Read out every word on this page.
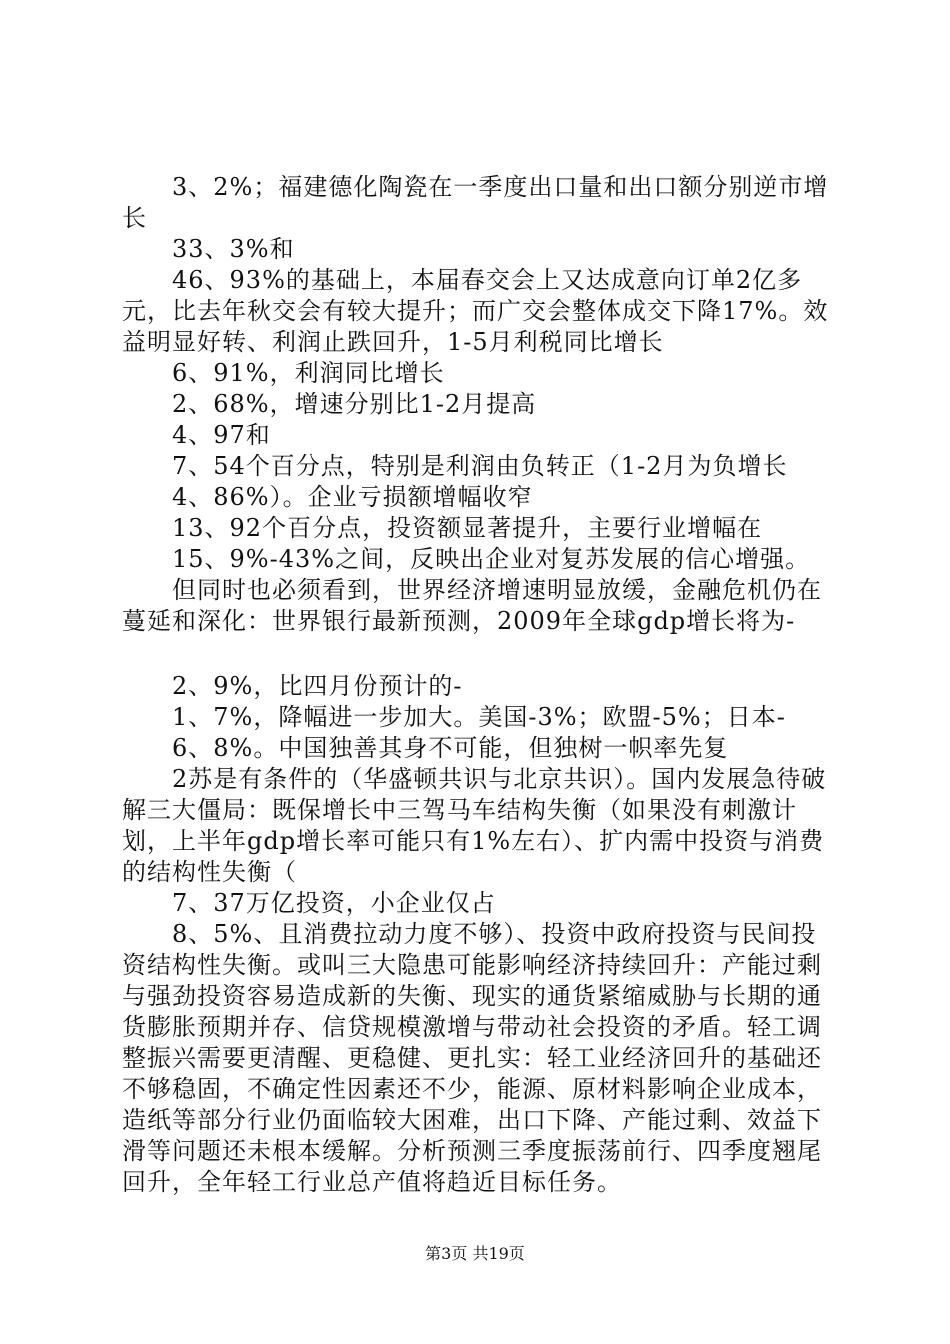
3、2%；福建德化陶瓷在一季度出口量和出口额分别逆市增长

33、3%和

46、93%的基础上，本届春交会上又达成意向订单2亿多元，比去年秋交会有较大提升；而广交会整体成交下降17%。效益明显好转、利润止跌回升，1-5月利税同比增长

6、91%，利润同比增长

2、68%，增速分别比1-2月提高

4、97和

7、54个百分点，特别是利润由负转正（1-2月为负增长

4、86%）。企业亏损额增幅收窄

13、92个百分点，投资额显著提升，主要行业增幅在

15、9%-43%之间，反映出企业对复苏发展的信心增强。

但同时也必须看到，世界经济增速明显放缓，金融危机仍在蔓延和深化：世界银行最新预测，2009年全球gdp增长将为-

2、9%，比四月份预计的-

1、7%，降幅进一步加大。美国-3%；欧盟-5%；日本-

6、8%。中国独善其身不可能，但独树一帜率先复

2苏是有条件的（华盛顿共识与北京共识）。国内发展急待破解三大僵局：既保增长中三驾马车结构失衡（如果没有刺激计划，上半年gdp增长率可能只有1%左右）、扩内需中投资与消费的结构性失衡（

7、37万亿投资，小企业仅占

8、5%、且消费拉动力度不够）、投资中政府投资与民间投资结构性失衡。或叫三大隐患可能影响经济持续回升：产能过剩与强劲投资容易造成新的失衡、现实的通货紧缩威胁与长期的通货膨胀预期并存、信贷规模激增与带动社会投资的矛盾。轻工调整振兴需要更清醒、更稳健、更扎实：轻工业经济回升的基础还不够稳固，不确定性因素还不少，能源、原材料影响企业成本，造纸等部分行业仍面临较大困难，出口下降、产能过剩、效益下滑等问题还未根本缓解。分析预测三季度振荡前行、四季度翘尾回升，全年轻工行业总产值将趋近目标任务。

第3页 共19页
